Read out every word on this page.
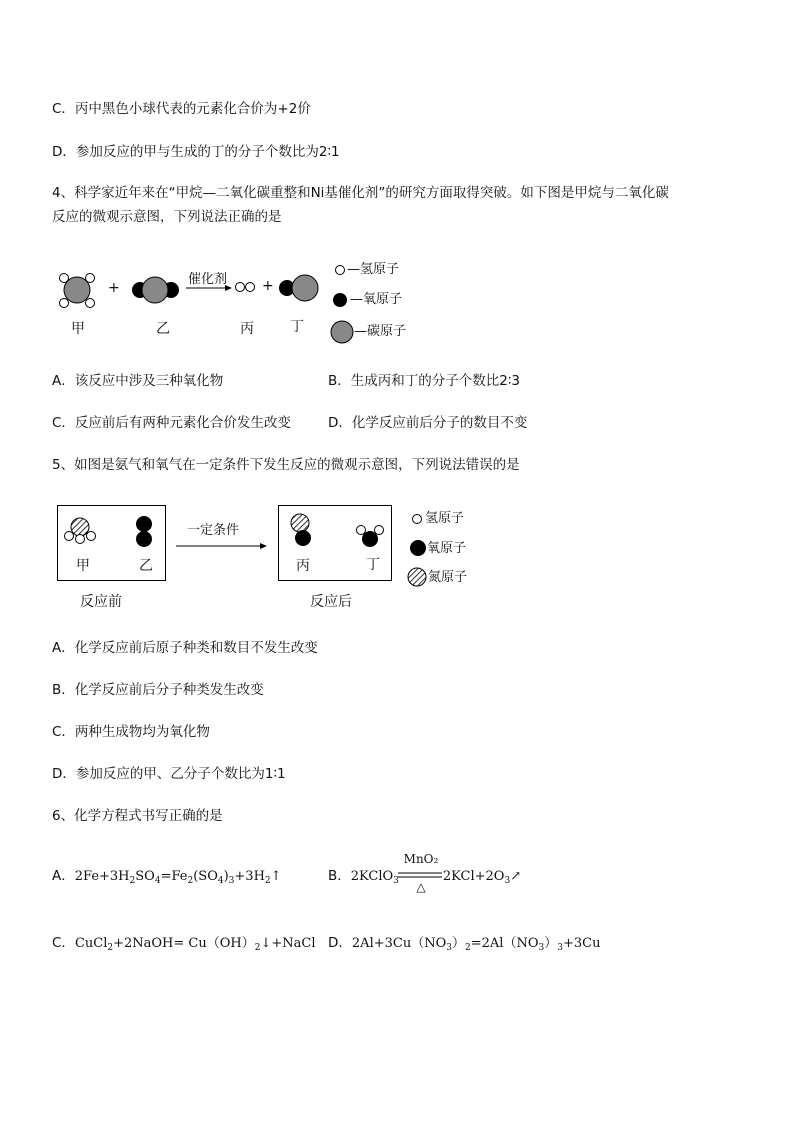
C．丙中黑色小球代表的元素化合价为+2价
D．参加反应的甲与生成的丁的分子个数比为2∶1
4、科学家近年来在“甲烷—二氧化碳重整和Ni基催化剂”的研究方面取得突破。如下图是甲烷与二氧化碳
反应的微观示意图，下列说法正确的是
+	+
催化剂
甲	乙	丙	丁
—氢原子
—氧原子
—碳原子
A．该反应中涉及三种氧化物	B．生成丙和丁的分子个数比2∶3
C．反应前后有两种元素化合价发生改变	D．化学反应前后分子的数目不变
5、如图是氨气和氧气在一定条件下发生反应的微观示意图，下列说法错误的是
一定条件
甲	乙	丙	丁
氢原子
氧原子
氮原子
反应前	反应后
A．化学反应前后原子种类和数目不发生改变
B．化学反应前后分子种类发生改变
C．两种生成物均为氧化物
D．参加反应的甲、乙分子个数比为1∶1
6、化学方程式书写正确的是
A．$2Fe+3H_2SO_4=Fe_2(SO_4)_3+3H_2↑$	B．2KClO$_3$	$2KCl+2O_3↗$
MnO₂
△
C．CuCl$_2$+2NaOH= $Cu(OH)_2↓+NaCl$ D．$2Al+3Cu(NO_3)_2=2Al(NO_3)_3+3Cu$
